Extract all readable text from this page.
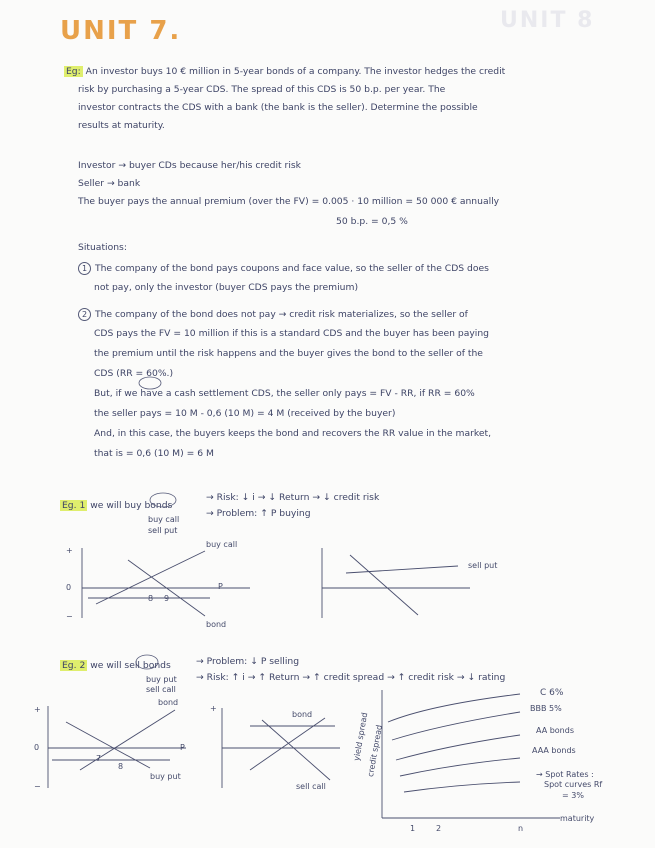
UNIT 8
UNIT 7.
Eg: An investor buys 10 € million in 5-year bonds of a company. The investor hedges the credit
risk by purchasing a 5-year CDS. The spread of this CDS is 50 b.p. per year. The
investor contracts the CDS with a bank (the bank is the seller). Determine the possible
results at maturity.
Investor → buyer CDs because her/his credit risk
Seller → bank
The buyer pays the annual premium (over the FV) = 0.005 · 10 million = 50 000 € annually
50 b.p. = 0,5 %
Situations:
1 The company of the bond pays coupons and face value, so the seller of the CDS does
not pay, only the investor (buyer CDS pays the premium)
2 The company of the bond does not pay → credit risk materializes, so the seller of
CDS pays the FV = 10 million if this is a standard CDS and the buyer has been paying
the premium until the risk happens and the buyer gives the bond to the seller of the
CDS (RR = 60%.)
But, if we have a cash settlement CDS, the seller only pays = FV - RR, if RR = 60%
the seller pays = 10 M - 0,6 (10 M) = 4 M (received by the buyer)
And, in this case, the buyers keeps the bond and recovers the RR value in the market,
that is = 0,6 (10 M) = 6 M
Eg. 1 we will buy bonds
→ Risk: ↓ i → ↓ Return → ↓ credit risk
→ Problem: ↑ P buying
buy call
sell put
+
0
−
buy call
P
8 9
bond
sell put
Eg. 2 we will sell bonds	→ Problem: ↓ P selling
→ Risk: ↑ i → ↑ Return → ↑ credit spread → ↑ credit risk → ↓ rating
buy put
sell call
bond
+
0
−
7
8
P
buy put
+
bond
sell call
yield spread
credit spread
C 6%
BBB 5%
AA bonds
AAA bonds
→ Spot Rates :
Spot curves Rf
= 3%
maturity
1	2	n
